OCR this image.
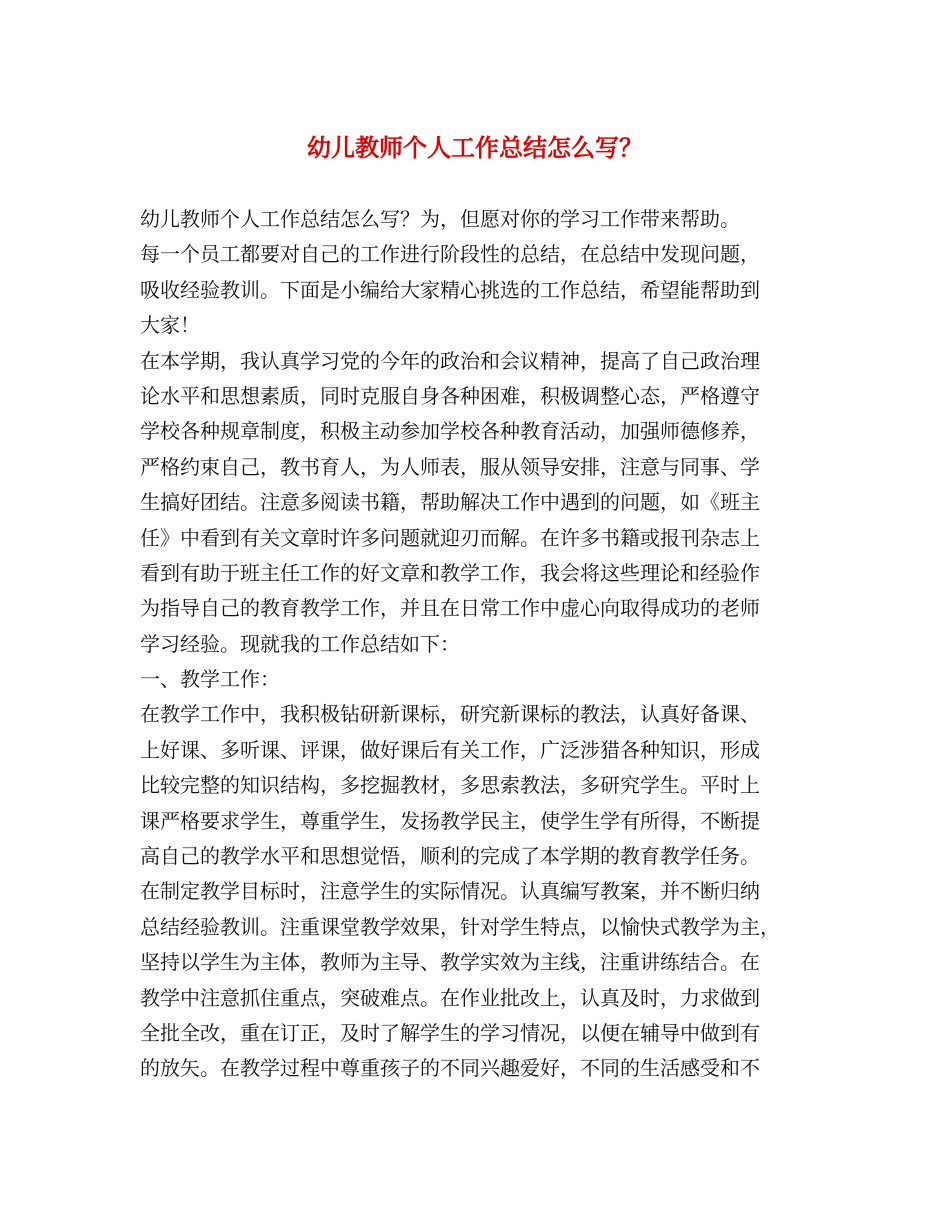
幼儿教师个人工作总结怎么写？
幼儿教师个人工作总结怎么写？为，但愿对你的学习工作带来帮助。
每一个员工都要对自己的工作进行阶段性的总结，在总结中发现问题，
吸收经验教训。下面是小编给大家精心挑选的工作总结，希望能帮助到
大家！
在本学期，我认真学习党的今年的政治和会议精神，提高了自己政治理
论水平和思想素质，同时克服自身各种困难，积极调整心态，严格遵守
学校各种规章制度，积极主动参加学校各种教育活动，加强师德修养，
严格约束自己，教书育人，为人师表，服从领导安排，注意与同事、学
生搞好团结。注意多阅读书籍，帮助解决工作中遇到的问题，如《班主
任》中看到有关文章时许多问题就迎刃而解。在许多书籍或报刊杂志上
看到有助于班主任工作的好文章和教学工作，我会将这些理论和经验作
为指导自己的教育教学工作，并且在日常工作中虚心向取得成功的老师
学习经验。现就我的工作总结如下：
一、教学工作：
在教学工作中，我积极钻研新课标，研究新课标的教法，认真好备课、
上好课、多听课、评课，做好课后有关工作，广泛涉猎各种知识，形成
比较完整的知识结构，多挖掘教材，多思索教法，多研究学生。平时上
课严格要求学生，尊重学生，发扬教学民主，使学生学有所得，不断提
高自己的教学水平和思想觉悟，顺利的完成了本学期的教育教学任务。
在制定教学目标时，注意学生的实际情况。认真编写教案，并不断归纳
总结经验教训。注重课堂教学效果，针对学生特点，以愉快式教学为主，
坚持以学生为主体，教师为主导、教学实效为主线，注重讲练结合。在
教学中注意抓住重点，突破难点。在作业批改上，认真及时，力求做到
全批全改，重在订正，及时了解学生的学习情况，以便在辅导中做到有
的放矢。在教学过程中尊重孩子的不同兴趣爱好，不同的生活感受和不
